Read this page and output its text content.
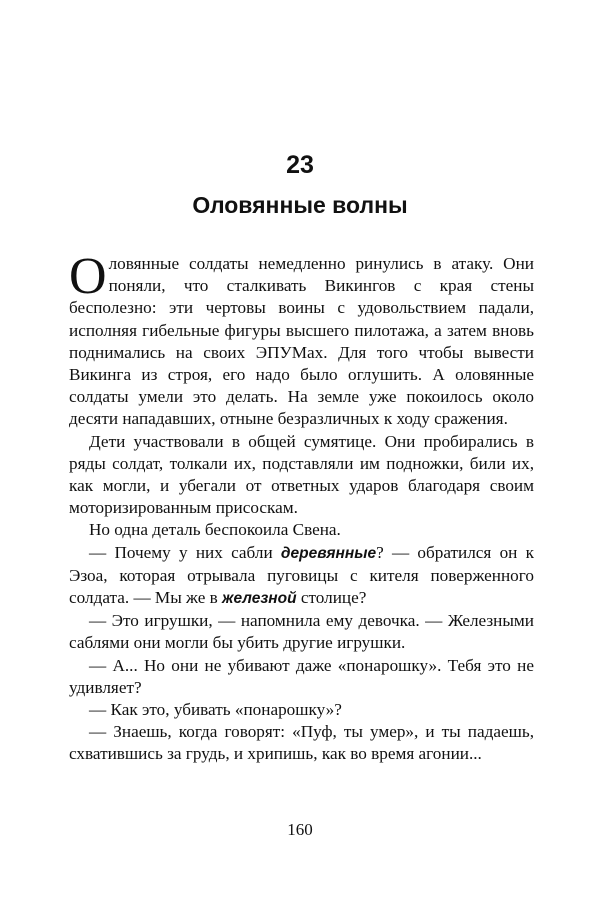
23
Оловянные волны

Оловянные солдаты немедленно ринулись в атаку. Они поняли, что сталкивать Викингов с края стены бесполезно: эти чертовы воины с удовольствием падали, исполняя гибельные фигуры высшего пилотажа, а затем вновь поднимались на своих ЭПУМах. Для того чтобы вывести Викинга из строя, его надо было оглушить. А оловянные солдаты умели это делать. На земле уже покоилось около десяти нападавших, отныне безразличных к ходу сражения.

Дети участвовали в общей сумятице. Они пробирались в ряды солдат, толкали их, подставляли им подножки, били их, как могли, и убегали от ответных ударов благодаря своим моторизированным присоскам.

Но одна деталь беспокоила Свена.

— Почему у них сабли деревянные? — обратился он к Эзоа, которая отрывала пуговицы с кителя поверженного солдата. — Мы же в железной столице?

— Это игрушки, — напомнила ему девочка. — Железными саблями они могли бы убить другие игрушки.

— А... Но они не убивают даже «понарошку». Тебя это не удивляет?

— Как это, убивать «понарошку»?

— Знаешь, когда говорят: «Пуф, ты умер», и ты падаешь, схватившись за грудь, и хрипишь, как во время агонии...

160
